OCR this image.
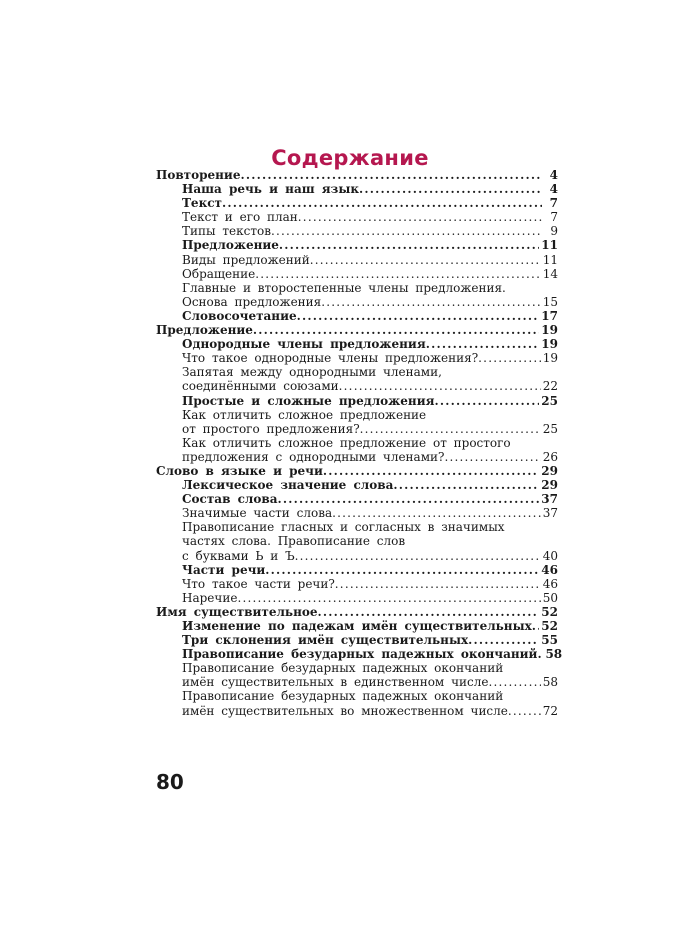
Содержание
Повторение .....	4
Наша речь и наш язык .....	4
Текст .....	7
Текст и его план .....	7
Типы текстов .....	9
Предложение .....	11
Виды предложений .....	11
Обращение .....	14
Главные и второстепенные члены предложения.
Основа предложения .....	15
Словосочетание .....	17
Предложение .....	19
Однородные члены предложения .....	19
Что такое однородные члены предложения? .....	19
Запятая между однородными членами,
соединёнными союзами .....	22
Простые и сложные предложения .....	25
Как отличить сложное предложение
от простого предложения? .....	25
Как отличить сложное предложение от простого
предложения с однородными членами? .....	26
Слово в языке и речи .....	29
Лексическое значение слова .....	29
Состав слова .....	37
Значимые части слова .....	37
Правописание гласных и согласных в значимых
частях слова. Правописание слов
с буквами Ь и Ъ .....	40
Части речи .....	46
Что такое части речи? .....	46
Наречие .....	50
Имя существительное .....	52
Изменение по падежам имён существительных ..... 52
Три склонения имён существительных .....	55
Правописание безударных падежных окончаний ..... 58
Правописание безударных падежных окончаний
имён существительных в единственном числе .....	58
Правописание безударных падежных окончаний
имён существительных во множественном числе .....	72
80
